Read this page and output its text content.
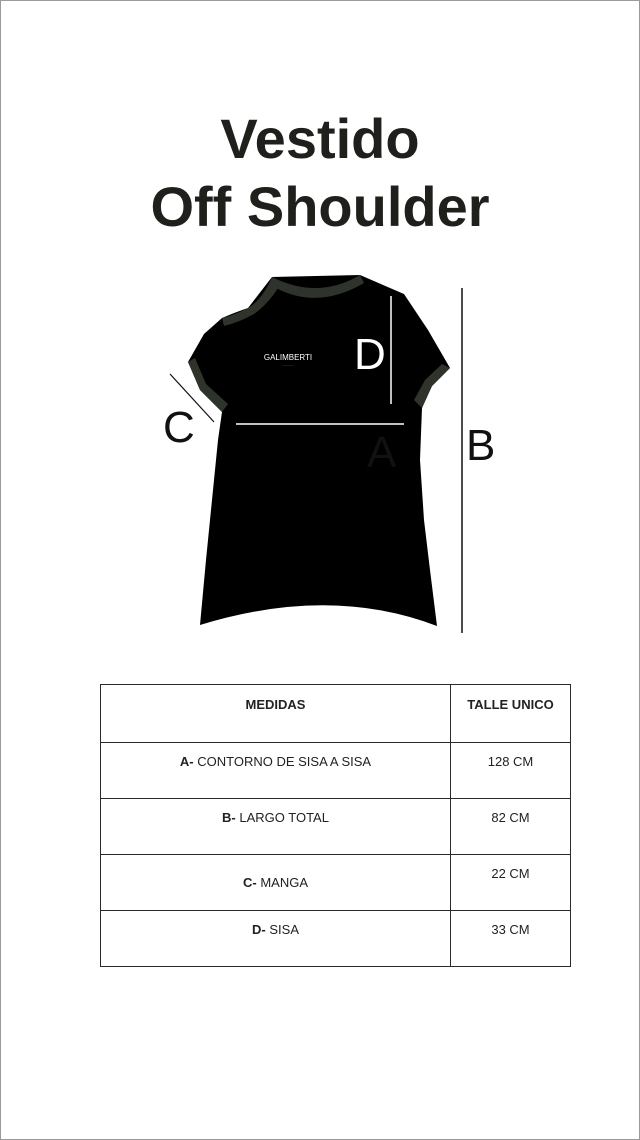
Vestido
Off Shoulder
GALIMBERTI
- - - - - - D
C
A B
MEDIDAS	TALLE UNICO
A- CONTORNO DE SISA A SISA	128 CM
B- LARGO TOTAL	82 CM
C- MANGA	22 CM
D- SISA	33 CM
